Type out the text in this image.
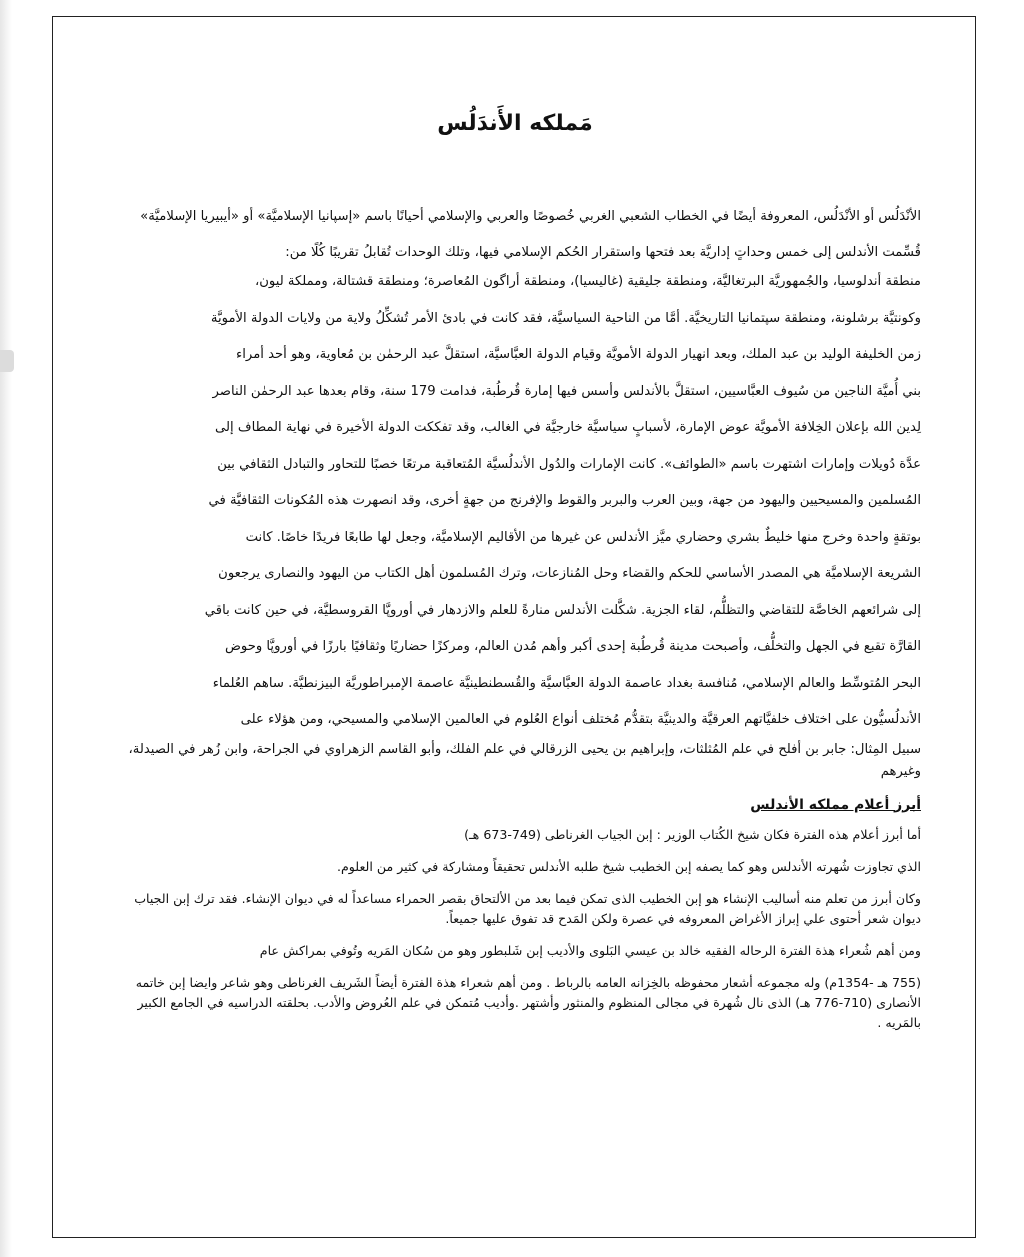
مَملكه الأَندَلُس

الأنْدَلُس أو الأنْدَلُس، المعروفة أيضًا في الخطاب الشعبي الغربي خُصوصًا والعربي والإسلامي أحيانًا باسم «إسپانيا الإسلاميَّة» أو «أيبيريا الإسلاميَّة»

قُسِّمت الأندلس إلى خمس وحداتٍ إداريَّة بعد فتحها واستقرار الحُكم الإسلامي فيها، وتلك الوحدات تُقابلُ تقريبًا كُلًا من:

منطقة أندلوسيا، والجُمهوريَّة البرتغاليَّة، ومنطقة جليقية (غاليسيا)، ومنطقة أراگون المُعاصرة؛ ومنطقة قشتالة، ومملكة ليون،

وكونتيَّة برشلونة، ومنطقة سپتمانيا التاريخيَّة. أمَّا من الناحية السياسيَّة، فقد كانت في بادئ الأمر تُشكِّلُ ولاية من ولايات الدولة الأمويَّة

زمن الخليفة الوليد بن عبد الملك، وبعد انهيار الدولة الأمويَّة وقيام الدولة العبَّاسيَّة، استقلَّ عبد الرحمٰن بن مُعاوية، وهو أحد أمراء

بني أُميَّة الناجين من سُيوف العبَّاسيين، استقلَّ بالأندلس وأسس فيها إمارة قُرطُبة، فدامت 179 سنة، وقام بعدها عبد الرحمٰن الناصر

لِدين الله بإعلان الخِلافة الأمويَّة عوض الإمارة، لأسبابٍ سياسيَّة خارجيَّة في الغالب، وقد تفككت الدولة الأخيرة في نهاية المطاف إلى

عدَّة دُويلات وإمارات اشتهرت باسم «الطوائف». كانت الإمارات والدُول الأندلُسيَّة المُتعاقبة مرتعًا خصبًا للتحاور والتبادل الثقافي بين

المُسلمين والمسيحيين واليهود من جهة، وبين العرب والبربر والقوط والإفرنج من جهةٍ أخرى، وقد انصهرت هذه المُكونات الثقافيَّة في

بوتقةٍ واحدة وخرج منها خليطٌ بشري وحضاري ميَّز الأندلس عن غيرها من الأقاليم الإسلاميَّة، وجعل لها طابعًا فريدًا خاصًا. كانت

الشريعة الإسلاميَّة هي المصدر الأساسي للحكم والقضاء وحل المُنازعات، وترك المُسلمون أهل الكتاب من اليهود والنصارى يرجعون

إلى شرائعهم الخاصَّة للتقاضي والتظلُّم، لقاء الجزية. شكَّلت الأندلس منارةً للعلم والازدهار في أوروپَّا القروسطيَّة، في حين كانت باقي

القارَّة تقبع في الجهل والتخلُّف، وأصبحت مدينة قُرطُبة إحدى أكبر وأهم مُدن العالم، ومركزًا حضاريًا وثقافيًا بارزًا في أوروپَّا وحوض

البحر المُتوسِّط والعالم الإسلامي، مُنافسة بغداد عاصمة الدولة العبَّاسيَّة والقُسطنطينيَّة عاصمة الإمبراطوريَّة البيزنطيَّة. ساهم العُلماء

الأندلُسيُّون على اختلاف خلفيَّاتهم العرقيَّة والدينيَّة بتقدُّم مُختلف أنواع العُلوم في العالمين الإسلامي والمسيحي، ومن هؤلاء على

سبيل المِثال: جابر بن أفلح في علم المُثلثات، وإبراهيم بن يحيى الزرقالي في علم الفلك، وأبو القاسم الزهراوي في الجراحة، وابن زُهر في الصيدلة، وغيرهم

أبرز أعلام مملكه الأندلس

أما أبرز أعلام هذه الفترة فكان شيخ الكُتاب الوزير : إبن الجياب الغرناطى (749-673 هـ)

الذي تجاوزت شُهرته الأندلس وهو كما يصفه إبن الخطيب شيخ طلبه الأندلس تحقيقاً ومشاركة في كثير من العلوم.

وكان أبرز من تعلم منه أساليب الإنشاء هو إبن الخطيب الذى تمكن فيما بعد من الألتحاق بقصر الحمراء مساعداً له في ديوان الإنشاء. فقد ترك إبن الجياب ديوان شعر أحتوى علي إبراز الأغراض المعروفه في عصرة ولكن المَدح قد تفوق عليها جميعاً.

ومن أهم شُعراء هذة الفترة الرحاله الفقيه خالد بن عيسي البَلوى والأديب إبن شَلبطور وهو من سُكان المَريه وتُوفي بمراكش عام

(755 هـ -1354م) وله مجموعه أشعار محفوظه بالخِزانه العامه بالرباط . ومن أهم شعراء هذة الفترة أيضاً الشَريف الغرناطى وهو شاعر وايضا إبن خاتمه الأنصارى (710-776 هـ) الذى نال شُهرة في مجالى المنظوم والمنثور وأشتهر .وأديب مُتمكن في علم العُروض والأدب. بحلقته الدراسيه في الجامع الكبير بالمَريه .
